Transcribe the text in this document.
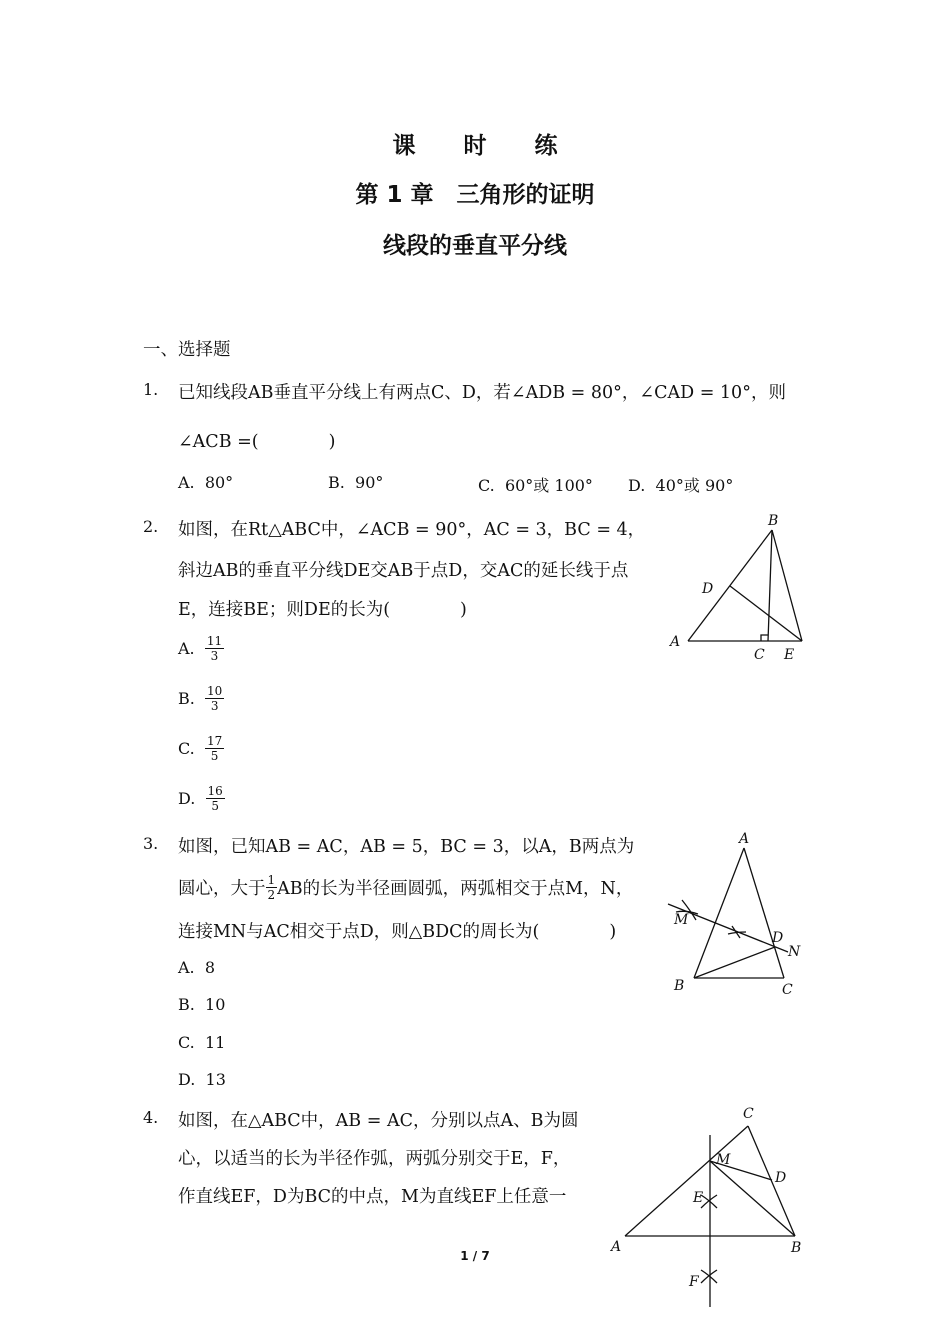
课 时 练
第 1 章　三角形的证明
线段的垂直平分线
一、选择题
1. 已知线段AB垂直平分线上有两点C、D，若∠ADB = 80°，∠CAD = 10°，则
∠ACB =(　　　　)
A. 80°	B. 90°	C. 60°或 100° D. 40°或 90°
2. 如图，在Rt△ABC中，∠ACB = 90°，AC = 3，BC = 4，
斜边AB的垂直平分线DE交AB于点D，交AC的延长线于点
E，连接BE；则DE的长为(　　　　)
A. $\frac{11}{3}$
B. $\frac{10}{3}$
C. $\frac{17}{5}$
D. $\frac{16}{5}$
A
B
C
D
E
3. 如图，已知AB = AC，AB = 5，BC = 3，以A，B两点为
圆心，大于 $\frac{1}{2}$ AB的长为半径画圆弧，两弧相交于点M，N，
连接MN与AC相交于点D，则△BDC的周长为(　　　　)
A. 8
B. 10
C. 11
D. 13
A
B	C
D
M
N
4. 如图，在△ABC中，AB = AC，分别以点A、B为圆
心，以适当的长为半径作弧，两弧分别交于E，F，
作直线EF，D为BC的中点，M为直线EF上任意一
C
M
D
E
A	B
F
1 / 7
